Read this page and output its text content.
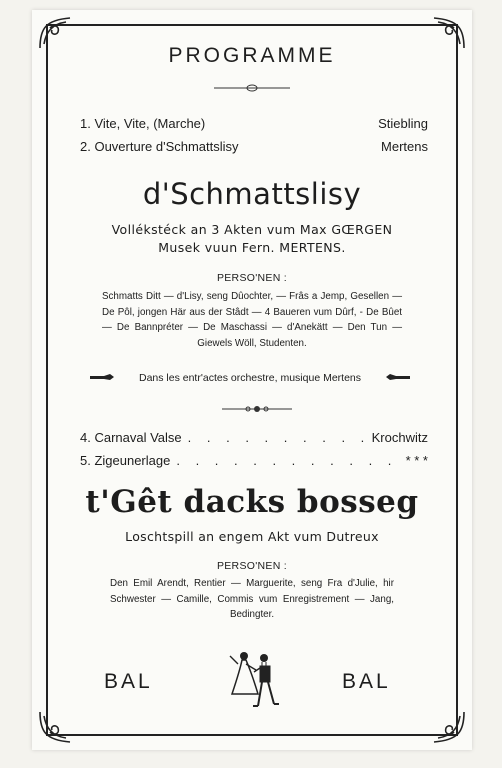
PROGRAMME
1. Vite, Vite, (Marche)	Stiebling
2. Ouverture d'Schmattslisy	Mertens
d'Schmattslisy
Vollékstéck an 3 Akten vum Max GŒRGEN
Musek vuun Fern. MERTENS.
PERSO'NEN :
Schmatts Ditt — d'Lisy, seng Dûochter, — Frâs a Jemp, Gesellen — De Pôl, jongen Här aus der Stâdt — 4 Baueren vum Dûrf, - De Bûet — De Bannpréter — De Maschassi — d'Anekätt — Den Tun — Giewels Wöll, Studenten.
Dans les entr'actes orchestre, musique Mertens
4. Carnaval Valse . . .	Krochwitz
5. Zigeunerlage . . .	* * *
t'Gêt dacks bosseg
Loschtspill an engem Akt vum Dutreux
PERSO'NEN :
Den Emil Arendt, Rentier — Marguerite, seng Fra d'Julie, hir Schwester — Camille, Commis vum Enregistrement — Jang, Bedingter.
BAL	BAL
